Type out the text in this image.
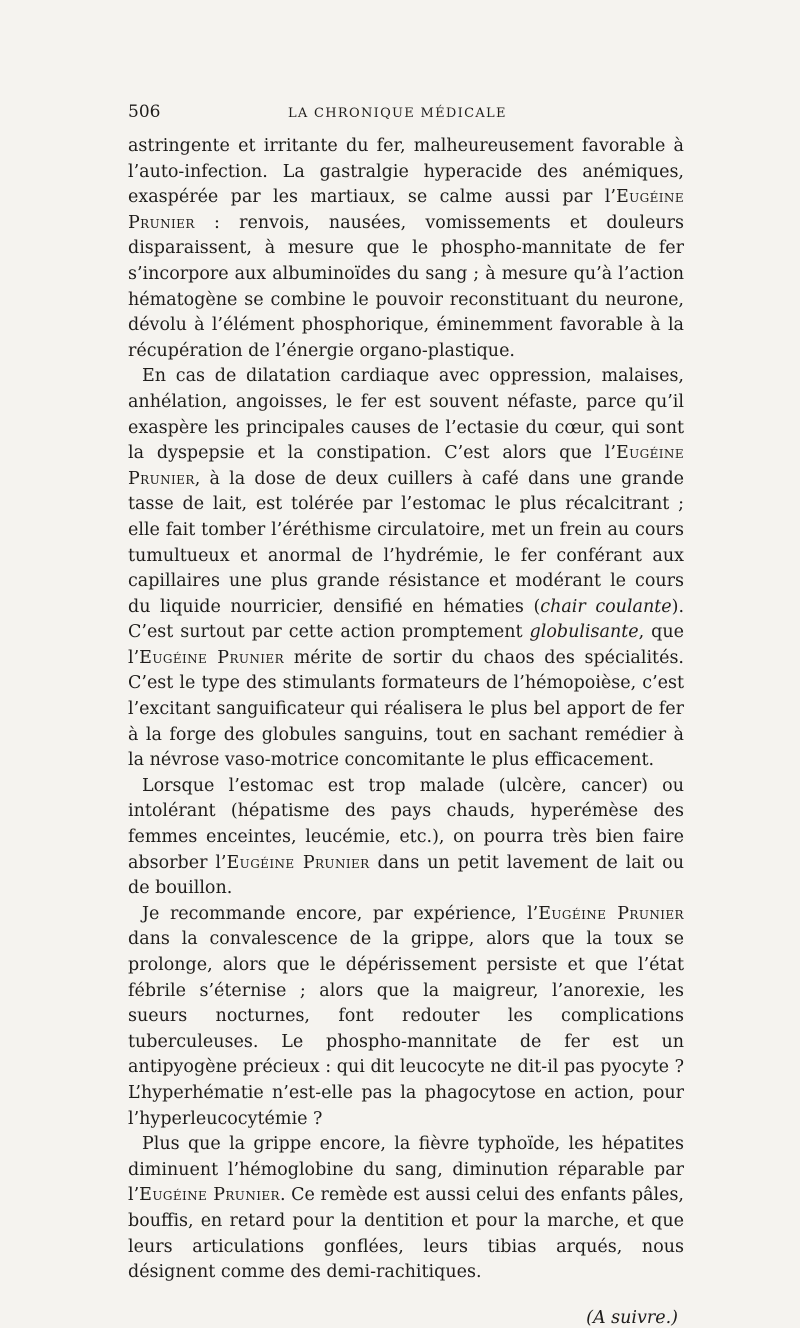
506	LA CHRONIQUE MÉDICALE

astringente et irritante du fer, malheureusement favorable à l’auto-infection. La gastralgie hyperacide des anémiques, exaspérée par les martiaux, se calme aussi par l’Eugéine Prunier : renvois, nausées, vomissements et douleurs disparaissent, à mesure que le phospho-mannitate de fer s’incorpore aux albuminoïdes du sang ; à mesure qu’à l’action hématogène se combine le pouvoir reconstituant du neurone, dévolu à l’élément phosphorique, éminemment favorable à la récupération de l’énergie organo-plastique.

En cas de dilatation cardiaque avec oppression, malaises, anhélation, angoisses, le fer est souvent néfaste, parce qu’il exaspère les principales causes de l’ectasie du cœur, qui sont la dyspepsie et la constipation. C’est alors que l’Eugéine Prunier, à la dose de deux cuillers à café dans une grande tasse de lait, est tolérée par l’estomac le plus récalcitrant ; elle fait tomber l’éréthisme circulatoire, met un frein au cours tumultueux et anormal de l’hydrémie, le fer conférant aux capillaires une plus grande résistance et modérant le cours du liquide nourricier, densifié en hématies (chair coulante). C’est surtout par cette action promptement globulisante, que l’Eugéine Prunier mérite de sortir du chaos des spécialités. C’est le type des stimulants formateurs de l’hémopoièse, c’est l’excitant sanguificateur qui réalisera le plus bel apport de fer à la forge des globules sanguins, tout en sachant remédier à la névrose vaso-motrice concomitante le plus efficacement.

Lorsque l’estomac est trop malade (ulcère, cancer) ou intolérant (hépatisme des pays chauds, hyperémèse des femmes enceintes, leucémie, etc.), on pourra très bien faire absorber l’Eugéine Prunier dans un petit lavement de lait ou de bouillon.

Je recommande encore, par expérience, l’Eugéine Prunier dans la convalescence de la grippe, alors que la toux se prolonge, alors que le dépérissement persiste et que l’état fébrile s’éternise ; alors que la maigreur, l’anorexie, les sueurs nocturnes, font redouter les complications tuberculeuses. Le phospho-mannitate de fer est un antipyogène précieux : qui dit leucocyte ne dit-il pas pyocyte ? L’hyperhématie n’est-elle pas la phagocytose en action, pour l’hyperleucocytémie ?

Plus que la grippe encore, la fièvre typhoïde, les hépatites diminuent l’hémoglobine du sang, diminution réparable par l’Eugéine Prunier. Ce remède est aussi celui des enfants pâles, bouffis, en retard pour la dentition et pour la marche, et que leurs articulations gonflées, leurs tibias arqués, nous désignent comme des demi-rachitiques.

(A suivre.)
